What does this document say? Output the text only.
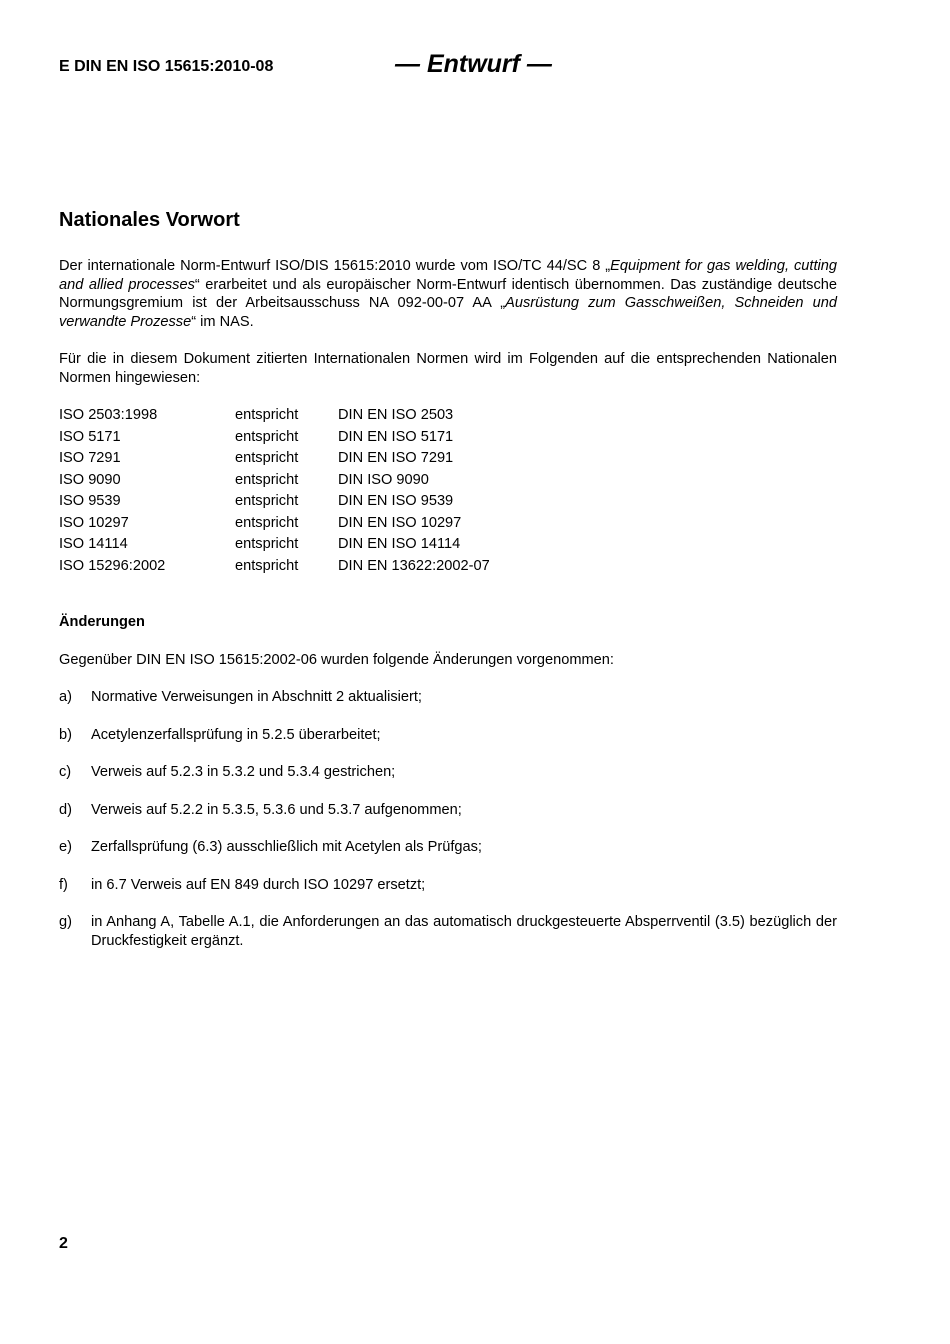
E DIN EN ISO 15615:2010-08	— Entwurf —
Nationales Vorwort

Der internationale Norm-Entwurf ISO/DIS 15615:2010 wurde vom ISO/TC 44/SC 8 „Equipment for gas welding, cutting and allied processes“ erarbeitet und als europäischer Norm-Entwurf identisch übernommen. Das zuständige deutsche Normungsgremium ist der Arbeitsausschuss NA 092-00-07 AA „Ausrüstung zum Gasschweißen, Schneiden und verwandte Prozesse“ im NAS.

Für die in diesem Dokument zitierten Internationalen Normen wird im Folgenden auf die entsprechenden Nationalen Normen hingewiesen:

ISO 2503:1998	entspricht	DIN EN ISO 2503
ISO 5171	entspricht	DIN EN ISO 5171
ISO 7291	entspricht	DIN EN ISO 7291
ISO 9090	entspricht	DIN ISO 9090
ISO 9539	entspricht	DIN EN ISO 9539
ISO 10297	entspricht	DIN EN ISO 10297
ISO 14114	entspricht	DIN EN ISO 14114
ISO 15296:2002	entspricht	DIN EN 13622:2002-07
Änderungen
Gegenüber DIN EN ISO 15615:2002-06 wurden folgende Änderungen vorgenommen:
a)	Normative Verweisungen in Abschnitt 2 aktualisiert;
b)	Acetylenzerfallsprüfung in 5.2.5 überarbeitet;
c)	Verweis auf 5.2.3 in 5.3.2 und 5.3.4 gestrichen;
d)	Verweis auf 5.2.2 in 5.3.5, 5.3.6 und 5.3.7 aufgenommen;
e)	Zerfallsprüfung (6.3) ausschließlich mit Acetylen als Prüfgas;
f)	in 6.7 Verweis auf EN 849 durch ISO 10297 ersetzt;
g)	in Anhang A, Tabelle A.1, die Anforderungen an das automatisch druckgesteuerte Absperrventil (3.5) bezüglich der Druckfestigkeit ergänzt.
2
